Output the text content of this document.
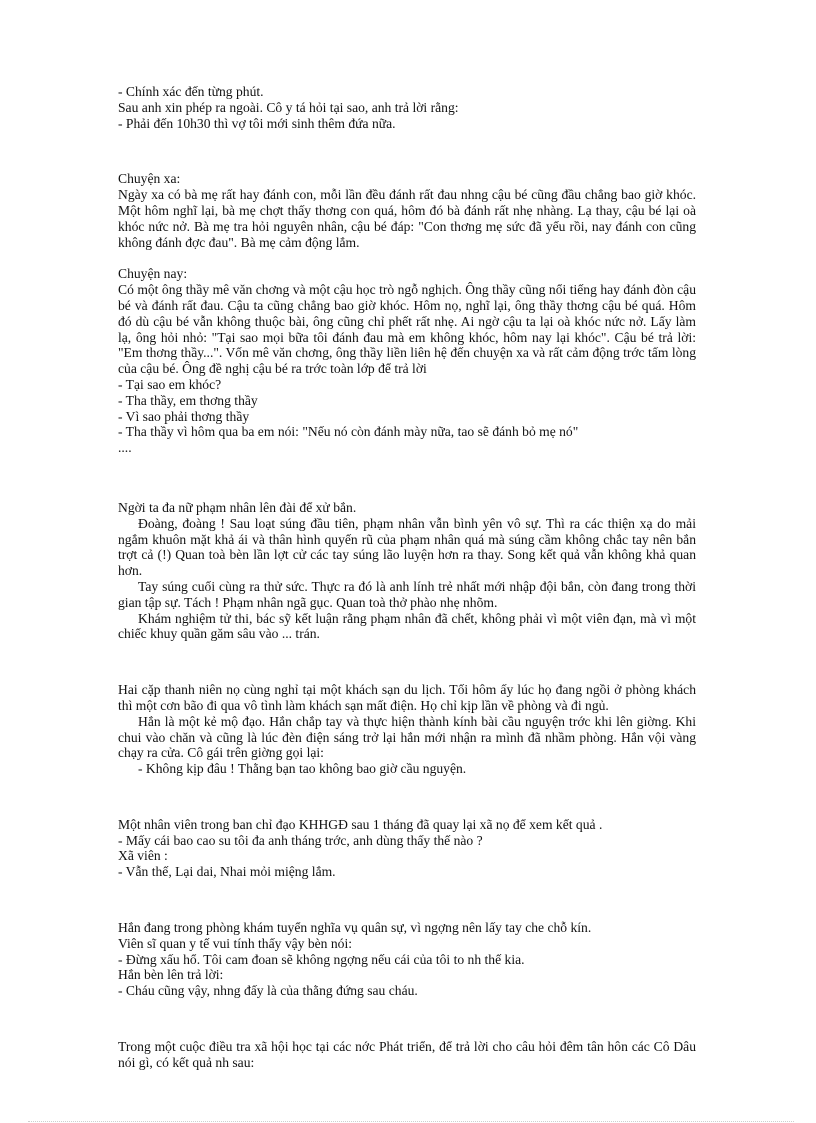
- Chính xác đến từng phút.

Sau anh xin phép ra ngoài. Cô y tá hỏi tại sao, anh trả lời rằng:

- Phải đến 10h30 thì vợ tôi mới sinh thêm đứa nữa.

Chuyện xa:

Ngày xa có bà mẹ rất hay đánh con, mỗi lần đều đánh rất đau nhng cậu bé cũng đầu chẳng bao giờ khóc. Một hôm nghĩ lại, bà mẹ chợt thấy thơng con quá, hôm đó bà đánh rất nhẹ nhàng. Lạ thay, cậu bé lại oà khóc nức nở. Bà mẹ tra hỏi nguyên nhân, cậu bé đáp: "Con thơng mẹ sức đã yếu rồi, nay đánh con cũng không đánh đợc đau". Bà mẹ cảm động lắm.

Chuyện nay:

Có một ông thầy mê văn chơng và một cậu học trò ngỗ nghịch. Ông thầy cũng nổi tiếng hay đánh đòn cậu bé và đánh rất đau. Cậu ta cũng chẳng bao giờ khóc. Hôm nọ, nghĩ lại, ông thầy thơng cậu bé quá. Hôm đó dù cậu bé vẫn không thuộc bài, ông cũng chỉ phết rất nhẹ. Ai ngờ cậu ta lại oà khóc nức nở. Lấy làm lạ, ông hỏi nhỏ: "Tại sao mọi bữa tôi đánh đau mà em không khóc, hôm nay lại khóc". Cậu bé trả lời: "Em thơng thầy...". Vốn mê văn chơng, ông thầy liền liên hệ đến chuyện xa và rất cảm động trớc tấm lòng của cậu bé. Ông đề nghị cậu bé ra trớc toàn lớp để trả lời

- Tại sao em khóc?

- Tha thầy, em thơng thầy

- Vì sao phải thơng thầy

- Tha thầy vì hôm qua ba em nói: "Nếu nó còn đánh mày nữa, tao sẽ đánh bỏ mẹ nó"

....

Ngời ta đa nữ phạm nhân lên đài để xử bắn.

Đoàng, đoàng ! Sau loạt súng đầu tiên, phạm nhân vẫn bình yên vô sự. Thì ra các thiện xạ do mải ngắm khuôn mặt khả ái và thân hình quyến rũ của phạm nhân quá mà súng cầm không chắc tay nên bắn trợt cả (!) Quan toà bèn lần lợt cử các tay súng lão luyện hơn ra thay. Song kết quả vẫn không khả quan hơn.

Tay súng cuối cùng ra thử sức. Thực ra đó là anh lính trẻ nhất mới nhập đội bắn, còn đang trong thời gian tập sự. Tách ! Phạm nhân ngã gục. Quan toà thở phào nhẹ nhõm.

Khám nghiệm tử thi, bác sỹ kết luận rằng phạm nhân đã chết, không phải vì một viên đạn, mà vì một chiếc khuy quần găm sâu vào ... trán.

Hai cặp thanh niên nọ cùng nghỉ tại một khách sạn du lịch. Tối hôm ấy lúc họ đang ngồi ở phòng khách thì một cơn bão đi qua vô tình làm khách sạn mất điện. Họ chỉ kịp lần về phòng và đi ngủ.

Hắn là một kẻ mộ đạo. Hắn chắp tay và thực hiện thành kính bài cầu nguyện trớc khi lên giờng. Khi chui vào chăn và cũng là lúc đèn điện sáng trở lại hắn mới nhận ra mình đã nhầm phòng. Hắn vội vàng chạy ra cửa. Cô gái trên giờng gọi lại:

- Không kịp đâu ! Thằng bạn tao không bao giờ cầu nguyện.

Một nhân viên trong ban chỉ đạo KHHGĐ sau 1 tháng đã quay lại xã nọ để xem kết quả .

- Mấy cái bao cao su tôi đa anh tháng trớc, anh dùng thấy thế nào ?

Xã viên :

- Vẫn thế, Lại dai, Nhai mỏi miệng lắm.

Hắn đang trong phòng khám tuyển nghĩa vụ quân sự, vì ngợng nên lấy tay che chỗ kín.

Viên sĩ quan y tế vui tính thấy vậy bèn nói:

- Đừng xấu hổ. Tôi cam đoan sẽ không ngợng nếu cái của tôi to nh thế kia.

Hắn bèn lên trả lời:

- Cháu cũng vậy, nhng đấy là của thằng đứng sau cháu.

Trong một cuộc điều tra xã hội học tại các nớc Phát triển, để trả lời cho câu hỏi đêm tân hôn các Cô Dâu nói gì, có kết quả nh sau:
